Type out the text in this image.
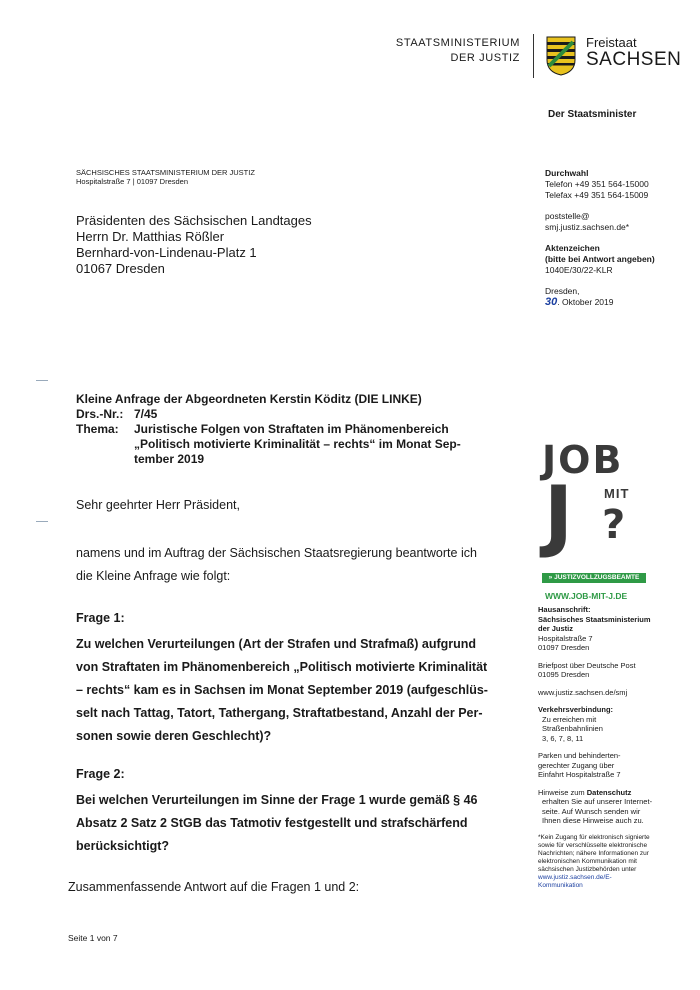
STAATSMINISTERIUM
DER JUSTIZ
Freistaat
SACHSEN
Der Staatsminister
SÄCHSISCHES STAATSMINISTERIUM DER JUSTIZ
Hospitalstraße 7 | 01097 Dresden
Präsidenten des Sächsischen Landtages
Herrn Dr. Matthias Rößler
Bernhard-von-Lindenau-Platz 1
01067 Dresden
Durchwahl
Telefon +49 351 564-15000
Telefax +49 351 564-15009
poststelle@
smj.justiz.sachsen.de*
Aktenzeichen
(bitte bei Antwort angeben)
1040E/30/22-KLR
Dresden,
30. Oktober 2019
Kleine Anfrage der Abgeordneten Kerstin Köditz (DIE LINKE)
Drs.-Nr.: 7/45
Thema: Juristische Folgen von Straftaten im Phänomenbereich
„Politisch motivierte Kriminalität – rechts“ im Monat Sep-
tember 2019
Sehr geehrter Herr Präsident,
namens und im Auftrag der Sächsischen Staatsregierung beantworte ich
die Kleine Anfrage wie folgt:
Frage 1:
Zu welchen Verurteilungen (Art der Strafen und Strafmaß) aufgrund
von Straftaten im Phänomenbereich „Politisch motivierte Kriminalität
– rechts“ kam es in Sachsen im Monat September 2019 (aufgeschlüs-
selt nach Tattag, Tatort, Tathergang, Straftatbestand, Anzahl der Per-
sonen sowie deren Geschlecht)?
Frage 2:
Bei welchen Verurteilungen im Sinne der Frage 1 wurde gemäß § 46
Absatz 2 Satz 2 StGB das Tatmotiv festgestellt und strafschärfend
berücksichtigt?
Zusammenfassende Antwort auf die Fragen 1 und 2:
JOB
MIT
J ?
» JUSTIZVOLLZUGSBEAMTE
WWW.JOB-MIT-J.DE
Hausanschrift:
Sächsisches Staatsministerium
der Justiz
Hospitalstraße 7
01097 Dresden
Briefpost über Deutsche Post
01095 Dresden
www.justiz.sachsen.de/smj
Verkehrsverbindung:
Zu erreichen mit
Straßenbahnlinien
3, 6, 7, 8, 11
Parken und behinderten-
gerechter Zugang über
Einfahrt Hospitalstraße 7
Hinweise zum Datenschutz
erhalten Sie auf unserer Internet-
seite. Auf Wunsch senden wir
Ihnen diese Hinweise auch zu.
*Kein Zugang für elektronisch signierte
sowie für verschlüsselte elektronische
Nachrichten; nähere Informationen zur
elektronischen Kommunikation mit
sächsischen Justizbehörden unter
www.justiz.sachsen.de/E-
Kommunikation
Seite 1 von 7
